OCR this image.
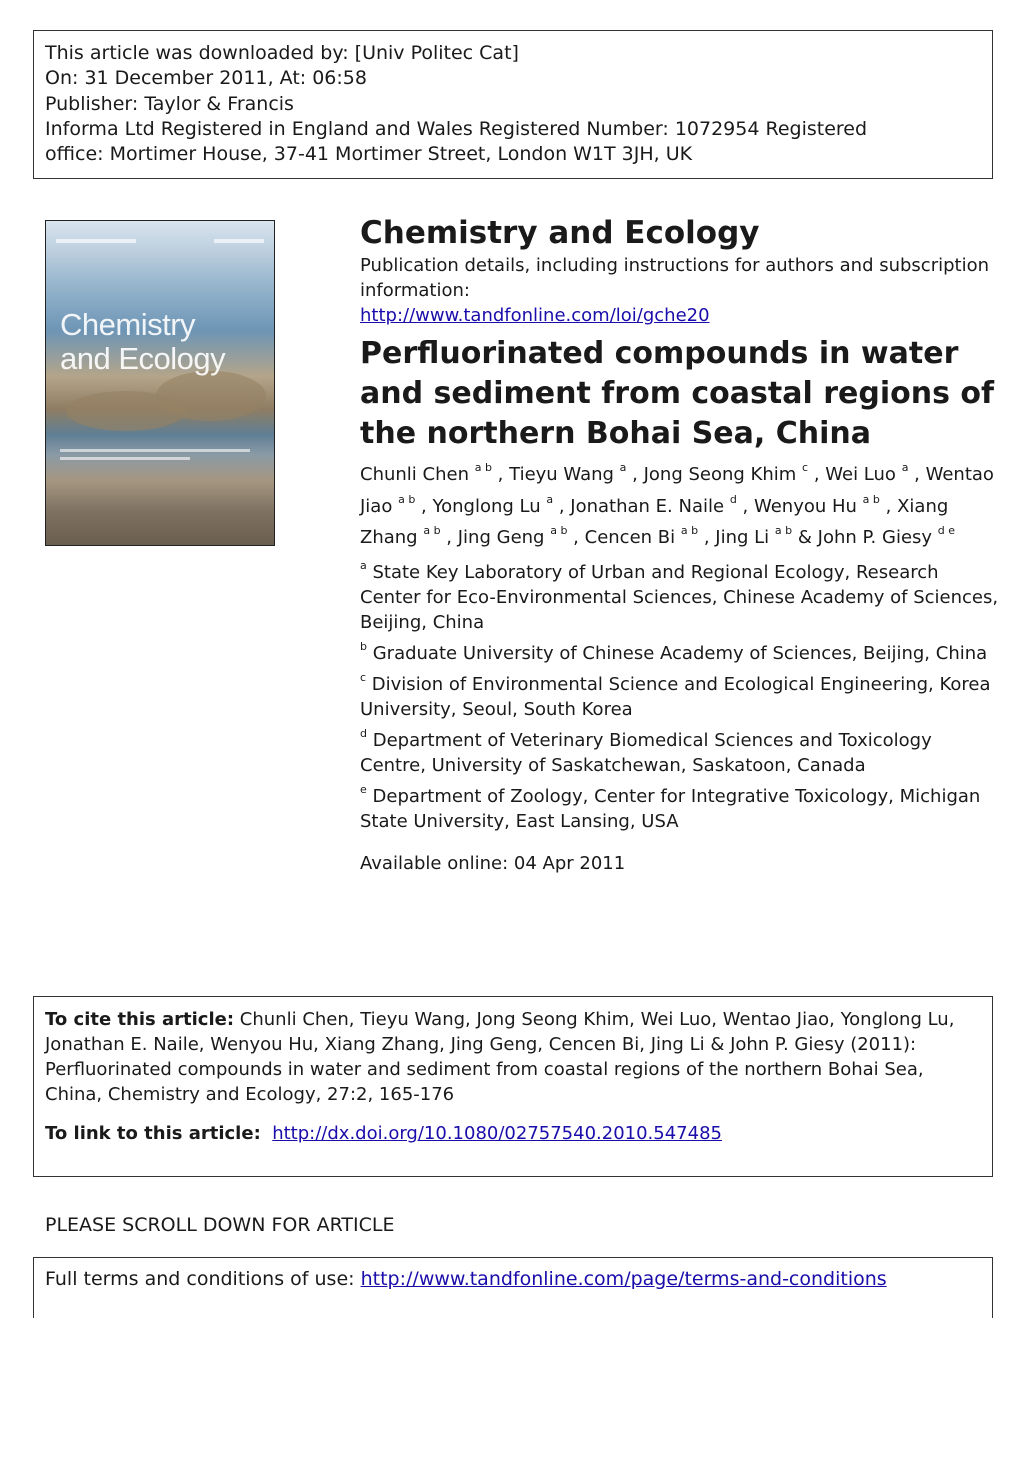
This article was downloaded by: [Univ Politec Cat]
On: 31 December 2011, At: 06:58
Publisher: Taylor & Francis
Informa Ltd Registered in England and Wales Registered Number: 1072954 Registered
office: Mortimer House, 37-41 Mortimer Street, London W1T 3JH, UK
Chemistry
and Ecology
Chemistry and Ecology
Publication details, including instructions for authors and subscription information:
http://www.tandfonline.com/loi/gche20
Perfluorinated compounds in water and sediment from coastal regions of the northern Bohai Sea, China
Chunli Chen $^{a b}$ , Tieyu Wang $^a$ , Jong Seong Khim $^c$ , Wei Luo $^a$ , Wentao Jiao $^{a b}$ , Yonglong Lu $^a$ , Jonathan E. Naile $^d$ , Wenyou Hu $^{a b}$ , Xiang Zhang $^{a b}$ , Jing Geng $^{a b}$ , Cencen Bi $^{a b}$ , Jing Li $^{a b}$ & John P. Giesy $^{d e}$
$^a$ State Key Laboratory of Urban and Regional Ecology, Research Center for Eco-Environmental Sciences, Chinese Academy of Sciences, Beijing, China
$^b$ Graduate University of Chinese Academy of Sciences, Beijing, China
$^c$ Division of Environmental Science and Ecological Engineering, Korea University, Seoul, South Korea
$^d$ Department of Veterinary Biomedical Sciences and Toxicology Centre, University of Saskatchewan, Saskatoon, Canada
$^e$ Department of Zoology, Center for Integrative Toxicology, Michigan State University, East Lansing, USA
Available online: 04 Apr 2011
To cite this article: Chunli Chen, Tieyu Wang, Jong Seong Khim, Wei Luo, Wentao Jiao, Yonglong Lu, Jonathan E. Naile, Wenyou Hu, Xiang Zhang, Jing Geng, Cencen Bi, Jing Li & John P. Giesy (2011): Perfluorinated compounds in water and sediment from coastal regions of the northern Bohai Sea, China, Chemistry and Ecology, 27:2, 165-176
To link to this article: http://dx.doi.org/10.1080/02757540.2010.547485
PLEASE SCROLL DOWN FOR ARTICLE
Full terms and conditions of use: http://www.tandfonline.com/page/terms-and-conditions
